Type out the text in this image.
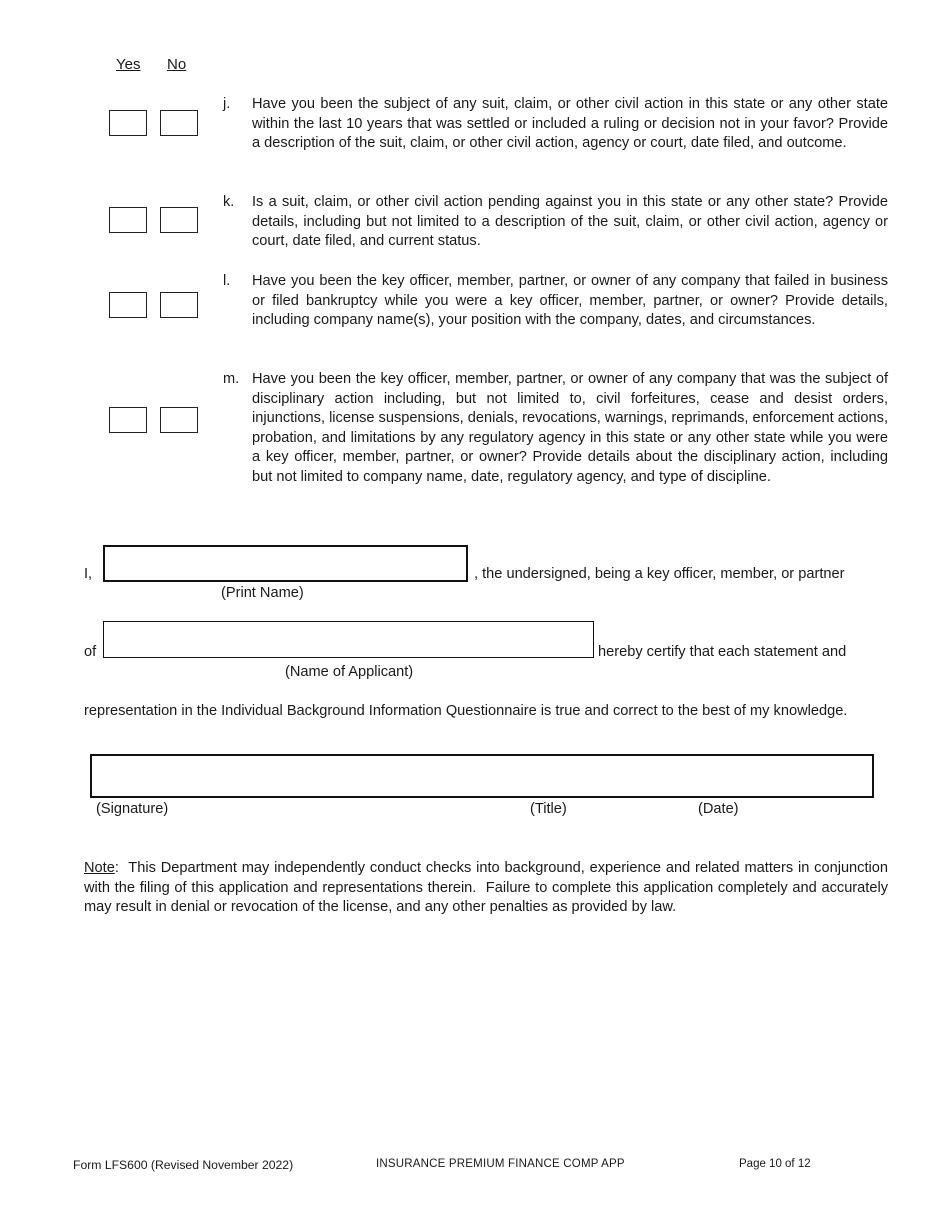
Yes No
j.	Have you been the subject of any suit, claim, or other civil action in this state or any other state within the last 10 years that was settled or included a ruling or decision not in your favor? Provide a description of the suit, claim, or other civil action, agency or court, date filed, and outcome.
k.	Is a suit, claim, or other civil action pending against you in this state or any other state? Provide details, including but not limited to a description of the suit, claim, or other civil action, agency or court, date filed, and current status.
l.	Have you been the key officer, member, partner, or owner of any company that failed in business or filed bankruptcy while you were a key officer, member, partner, or owner? Provide details, including company name(s), your position with the company, dates, and circumstances.
m. Have you been the key officer, member, partner, or owner of any company that was the subject of disciplinary action including, but not limited to, civil forfeitures, cease and desist orders, injunctions, license suspensions, denials, revocations, warnings, reprimands, enforcement actions, probation, and limitations by any regulatory agency in this state or any other state while you were a key officer, member, partner, or owner? Provide details about the disciplinary action, including but not limited to company name, date, regulatory agency, and type of discipline.
I,	, the undersigned, being a key officer, member, or partner
(Print Name)
of	hereby certify that each statement and
(Name of Applicant)
representation in the Individual Background Information Questionnaire is true and correct to the best of my knowledge.
(Signature)	(Title)	(Date)
Note:  This Department may independently conduct checks into background, experience and related matters in conjunction with the filing of this application and representations therein.  Failure to complete this application completely and accurately may result in denial or revocation of the license, and any other penalties as provided by law.
Form LFS600 (Revised November 2022)	INSURANCE PREMIUM FINANCE COMP APP	Page 10 of 12
